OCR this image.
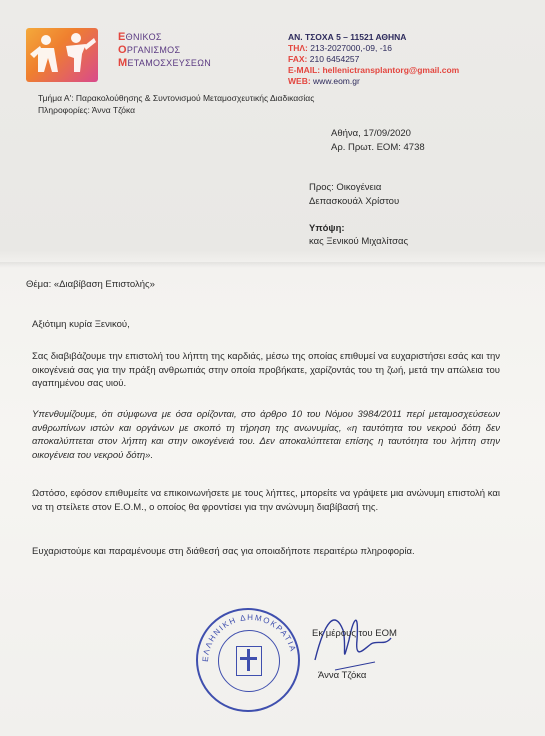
ΕΘΝΙΚΟΣ
ΟΡΓΑΝΙΣΜΟΣ
ΜΕΤΑΜΟΣΧΕΥΣΕΩΝ
ΑΝ. ΤΣΟΧΑ 5 – 11521 ΑΘΗΝΑ
ΤΗΛ: 213-2027000,-09, -16
FAX: 210 6454257
E-MAIL: hellenictransplantorg@gmail.com
WEB: www.eom.gr
Τμήμα Α': Παρακολούθησης & Συντονισμού Μεταμοσχευτικής Διαδικασίας
Πληροφορίες: Άννα Τζόκα
Αθήνα, 17/09/2020
Αρ. Πρωτ. ΕΟΜ: 4738
Προς: Οικογένεια
Δεπασκουάλ Χρίστου
Υπόψη:
κας Ξενικού Μιχαλίτσας
Θέμα: «Διαβίβαση Επιστολής»
Αξιότιμη κυρία Ξενικού,
Σας διαβιβάζουμε την επιστολή του λήπτη της καρδιάς, μέσω της οποίας επιθυμεί να ευχαριστήσει εσάς και την οικογένειά σας για την πράξη ανθρωπιάς στην οποία προβήκατε, χαρίζοντάς του τη ζωή, μετά την απώλεια του αγαπημένου σας υιού.
Υπενθυμίζουμε, ότι σύμφωνα με όσα ορίζονται, στο άρθρο 10 του Νόμου 3984/2011 περί μεταμοσχεύσεων ανθρωπίνων ιστών και οργάνων με σκοπό τη τήρηση της ανωνυμίας, «η ταυτότητα του νεκρού δότη δεν αποκαλύπτεται στον λήπτη και στην οικογένειά του. Δεν αποκαλύπτεται επίσης η ταυτότητα του λήπτη στην οικογένεια του νεκρού δότη».
Ωστόσο, εφόσον επιθυμείτε να επικοινωνήσετε με τους λήπτες, μπορείτε να γράψετε μια ανώνυμη επιστολή και να τη στείλετε στον Ε.Ο.Μ., ο οποίος θα φροντίσει για την ανώνυμη διαβίβασή της.
Ευχαριστούμε και παραμένουμε στη διάθεσή σας για οποιαδήποτε περαιτέρω πληροφορία.
ΕΛΛΗΝΙΚΗ ΔΗΜΟΚΡΑΤΙΑ
Εκ μέρους του ΕΟΜ
Άννα Τζόκα
